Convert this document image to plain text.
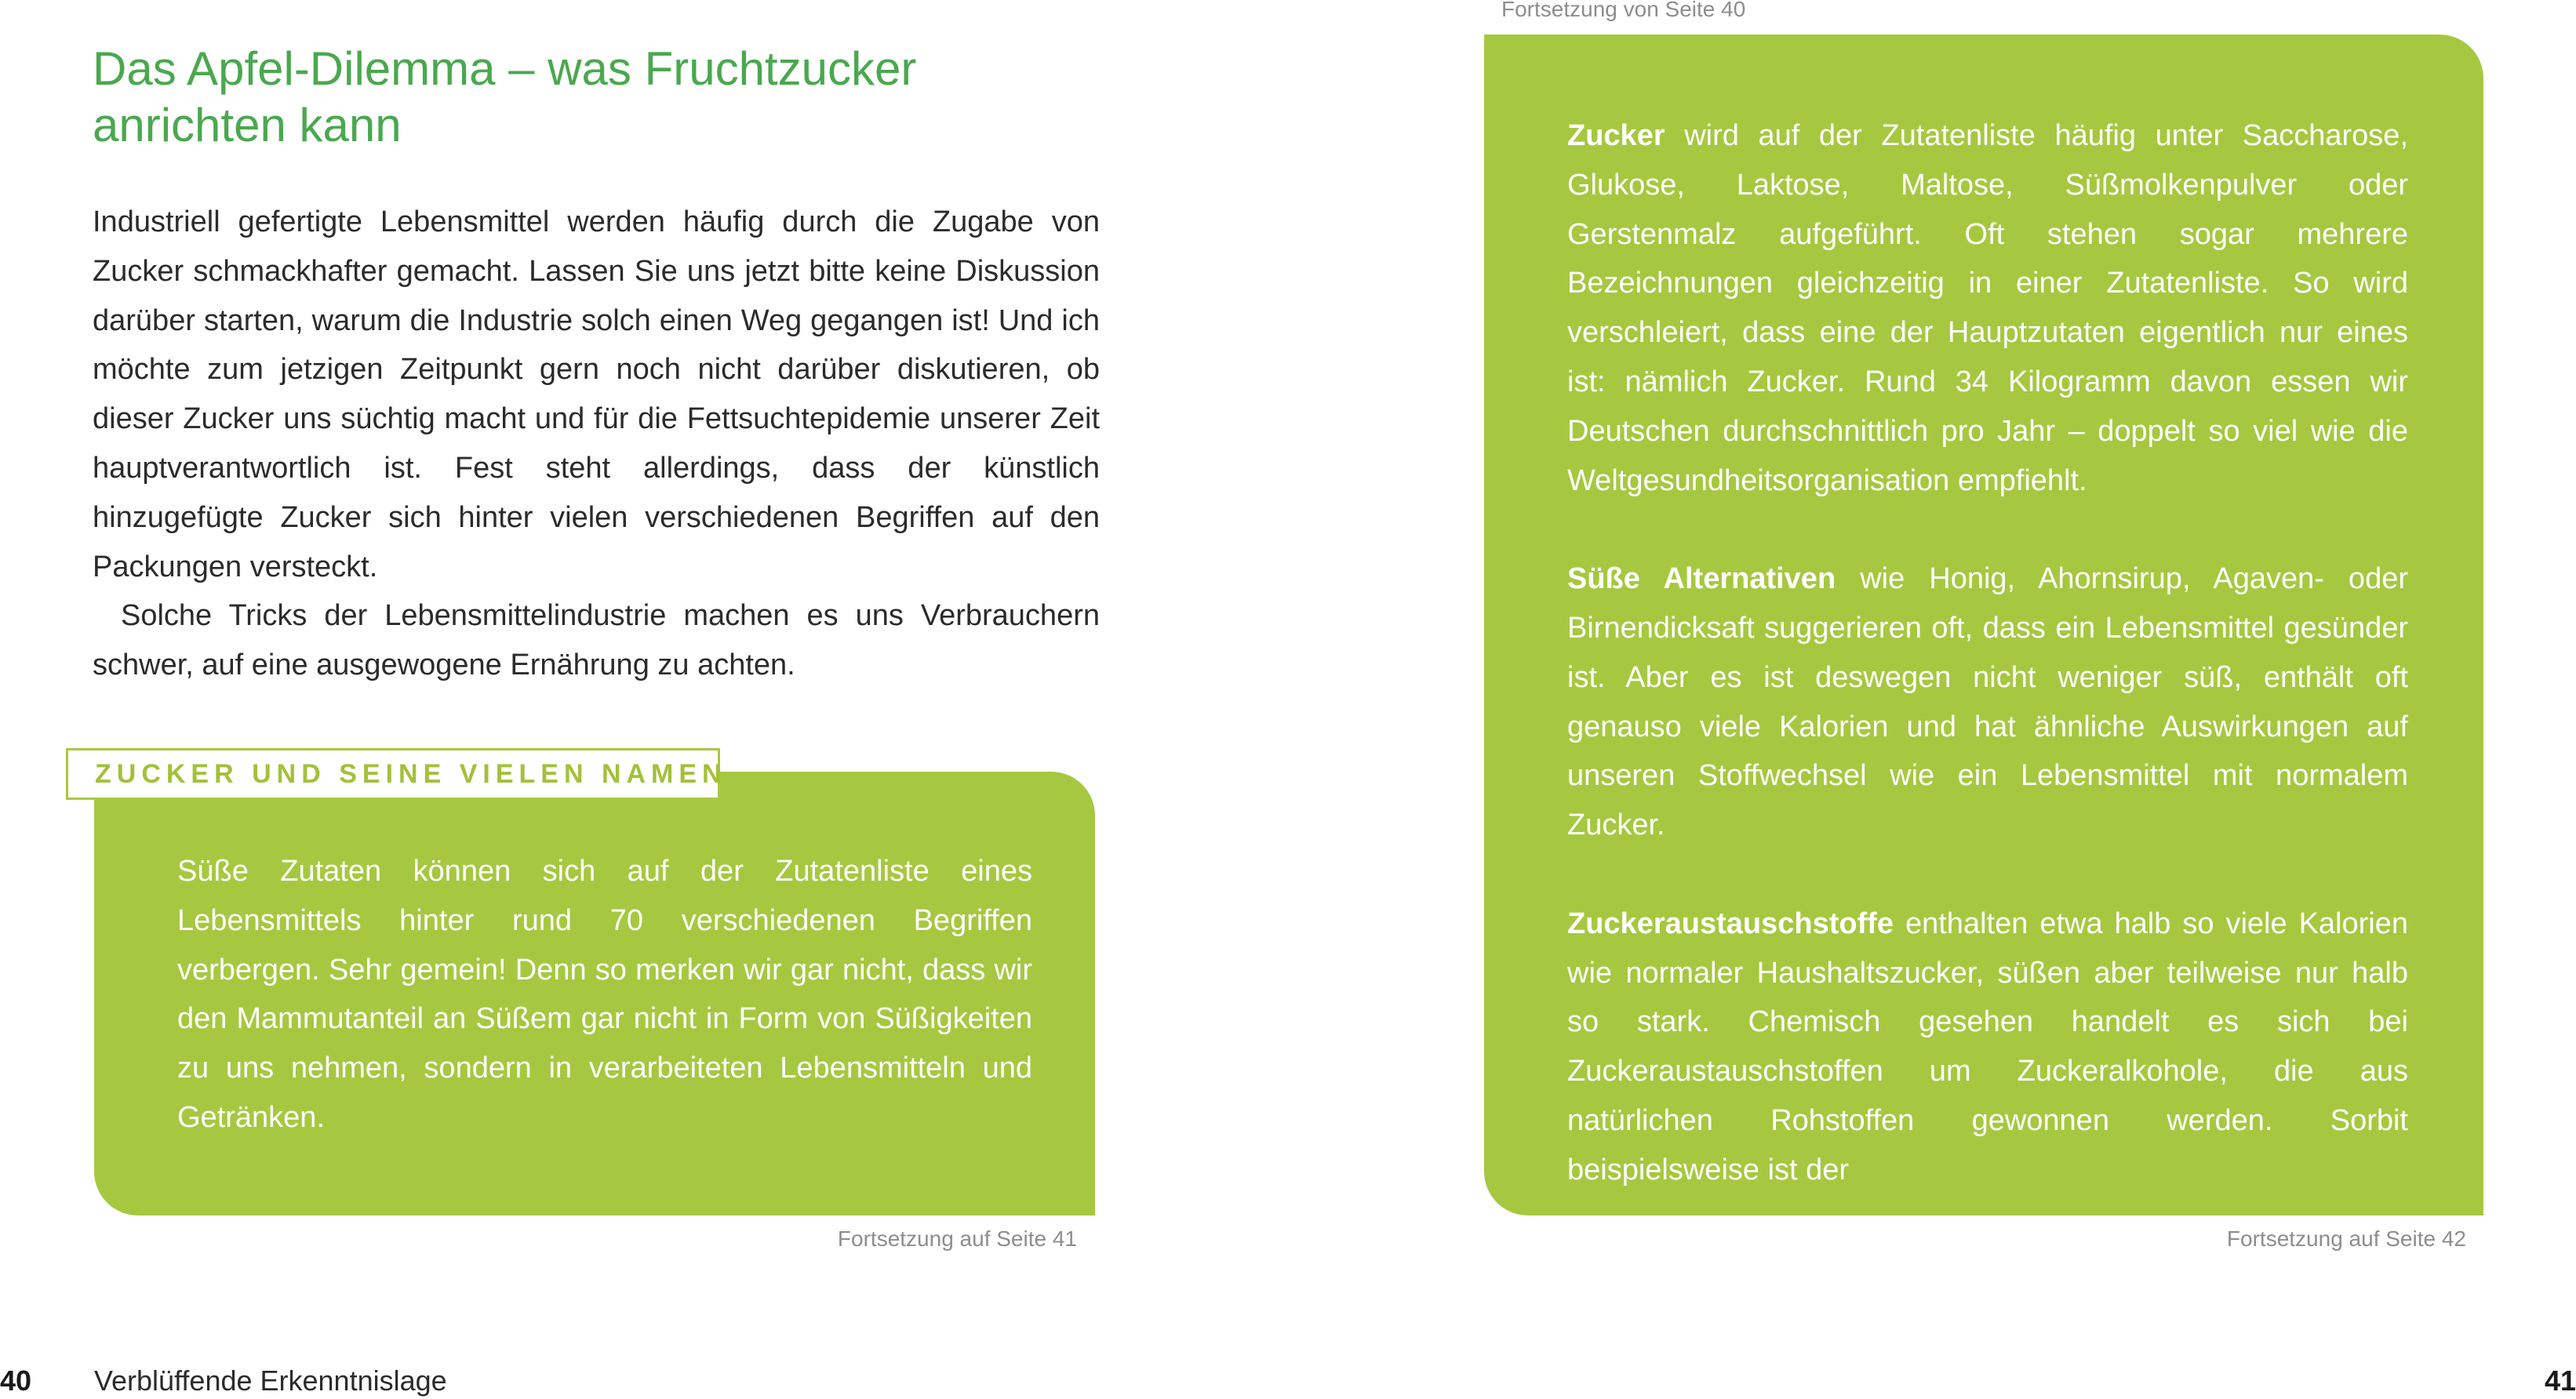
Das Apfel-Dilemma – was Fruchtzucker anrichten kann

Industriell gefertigte Lebensmittel werden häufig durch die Zugabe von Zucker schmackhafter gemacht. Lassen Sie uns jetzt bitte keine Diskussion darüber starten, warum die Industrie solch einen Weg gegangen ist! Und ich möchte zum jetzigen Zeitpunkt gern noch nicht darüber diskutieren, ob dieser Zucker uns süchtig macht und für die Fettsuchtepidemie unserer Zeit hauptverantwortlich ist. Fest steht allerdings, dass der künstlich hinzugefügte Zucker sich hinter vielen verschiedenen Begriffen auf den Packungen versteckt.

Solche Tricks der Lebensmittelindustrie machen es uns Verbrauchern schwer, auf eine ausgewogene Ernährung zu achten.

ZUCKER UND SEINE VIELEN NAMEN
Süße Zutaten können sich auf der Zutatenliste eines Lebensmittels hinter rund 70 verschiedenen Begriffen verbergen. Sehr gemein! Denn so merken wir gar nicht, dass wir den Mammutanteil an Süßem gar nicht in Form von Süßigkeiten zu uns nehmen, sondern in verarbeiteten Lebensmitteln und Getränken.
Fortsetzung auf Seite 41
40 Verblüffende Erkenntnislage
Fortsetzung von Seite 40

Zucker wird auf der Zutatenliste häufig unter Saccharose, Glukose, Laktose, Maltose, Süßmolkenpulver oder Gerstenmalz aufgeführt. Oft stehen sogar mehrere Bezeichnungen gleichzeitig in einer Zutatenliste. So wird verschleiert, dass eine der Hauptzutaten eigentlich nur eines ist: nämlich Zucker. Rund 34 Kilogramm davon essen wir Deutschen durchschnittlich pro Jahr – doppelt so viel wie die Weltgesundheitsorganisation empfiehlt.

Süße Alternativen wie Honig, Ahornsirup, Agaven- oder Birnendicksaft suggerieren oft, dass ein Lebensmittel gesünder ist. Aber es ist deswegen nicht weniger süß, enthält oft genauso viele Kalorien und hat ähnliche Auswirkungen auf unseren Stoffwechsel wie ein Lebensmittel mit normalem Zucker.

Zuckeraustauschstoffe enthalten etwa halb so viele Kalorien wie normaler Haushaltszucker, süßen aber teilweise nur halb so stark. Chemisch gesehen handelt es sich bei Zuckeraustauschstoffen um Zuckeralkohole, die aus natürlichen Rohstoffen gewonnen werden. Sorbit beispielsweise ist der

Fortsetzung auf Seite 42
41
